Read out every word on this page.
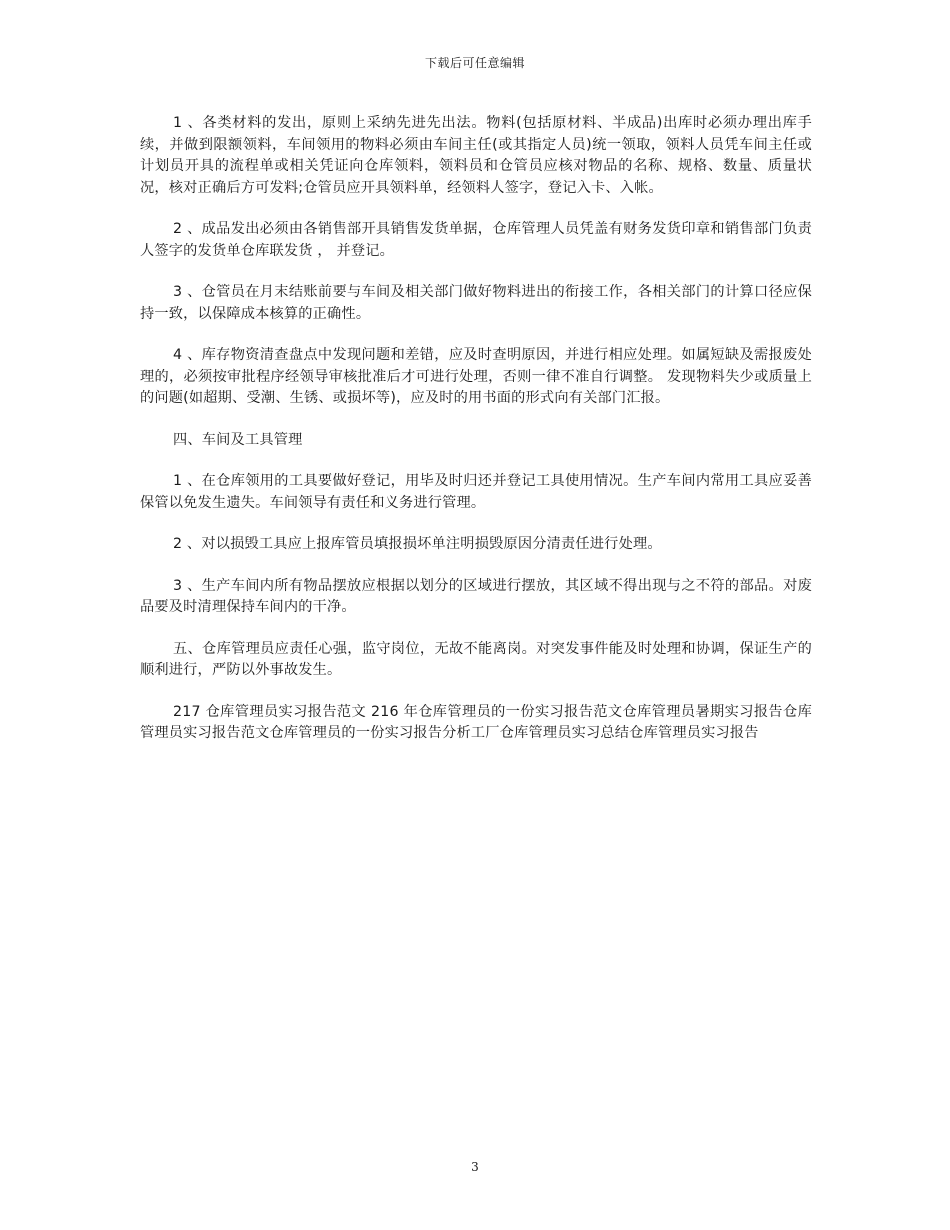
下载后可任意编辑

1 、各类材料的发出，原则上采纳先进先出法。物料(包括原材料、半成品)出库时必须办理出库手续，并做到限额领料，车间领用的物料必须由车间主任(或其指定人员)统一领取，领料人员凭车间主任或计划员开具的流程单或相关凭证向仓库领料，领料员和仓管员应核对物品的名称、规格、数量、质量状况，核对正确后方可发料;仓管员应开具领料单，经领料人签字，登记入卡、入帐。

2 、成品发出必须由各销售部开具销售发货单据，仓库管理人员凭盖有财务发货印章和销售部门负责人签字的发货单仓库联发货 ， 并登记。

3 、仓管员在月末结账前要与车间及相关部门做好物料进出的衔接工作，各相关部门的计算口径应保持一致，以保障成本核算的正确性。

4 、库存物资清查盘点中发现问题和差错，应及时查明原因，并进行相应处理。如属短缺及需报废处理的，必须按审批程序经领导审核批准后才可进行处理，否则一律不准自行调整。 发现物料失少或质量上的问题(如超期、受潮、生锈、或损坏等)，应及时的用书面的形式向有关部门汇报。

四、车间及工具管理

1 、在仓库领用的工具要做好登记，用毕及时归还并登记工具使用情况。生产车间内常用工具应妥善保管以免发生遗失。车间领导有责任和义务进行管理。

2 、对以损毁工具应上报库管员填报损坏单注明损毁原因分清责任进行处理。

3 、生产车间内所有物品摆放应根据以划分的区域进行摆放，其区域不得出现与之不符的部品。对废品要及时清理保持车间内的干净。

五、仓库管理员应责任心强，监守岗位，无故不能离岗。对突发事件能及时处理和协调，保证生产的顺利进行，严防以外事故发生。

217 仓库管理员实习报告范文 216 年仓库管理员的一份实习报告范文仓库管理员暑期实习报告仓库管理员实习报告范文仓库管理员的一份实习报告分析工厂仓库管理员实习总结仓库管理员实习报告

3
